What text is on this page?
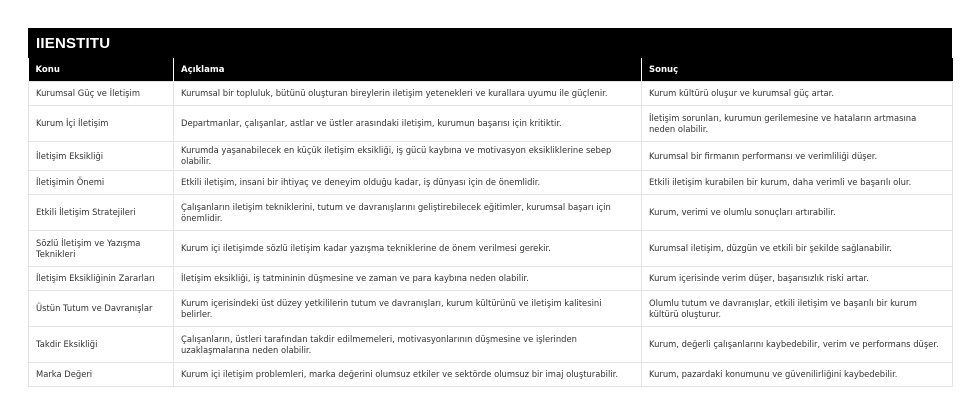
IIENSTITU
Konu	Açıklama	Sonuç
Kurumsal Güç ve İletişim	Kurumsal bir topluluk, bütünü oluşturan bireylerin iletişim yetenekleri ve kurallara uyumu ile güçlenir.	Kurum kültürü oluşur ve kurumsal güç artar.
Kurum İçi İletişim	Departmanlar, çalışanlar, astlar ve üstler arasındaki iletişim, kurumun başarısı için kritiktir.	İletişim sorunları, kurumun gerilemesine ve hataların artmasına neden olabilir.
İletişim Eksikliği	Kurumda yaşanabilecek en küçük iletişim eksikliği, iş gücü kaybına ve motivasyon eksikliklerine sebep olabilir.	Kurumsal bir firmanın performansı ve verimliliği düşer.
İletişimin Önemi	Etkili iletişim, insani bir ihtiyaç ve deneyim olduğu kadar, iş dünyası için de önemlidir.	Etkili iletişim kurabilen bir kurum, daha verimli ve başarılı olur.
Etkili İletişim Stratejileri	Çalışanların iletişim tekniklerini, tutum ve davranışlarını geliştirebilecek eğitimler, kurumsal başarı için önemlidir.	Kurum, verimi ve olumlu sonuçları artırabilir.
Sözlü İletişim ve Yazışma Teknikleri	Kurum içi iletişimde sözlü iletişim kadar yazışma tekniklerine de önem verilmesi gerekir.	Kurumsal iletişim, düzgün ve etkili bir şekilde sağlanabilir.
İletişim Eksikliğinin Zararları	İletişim eksikliği, iş tatmininin düşmesine ve zaman ve para kaybına neden olabilir.	Kurum içerisinde verim düşer, başarısızlık riski artar.
Üstün Tutum ve Davranışlar	Kurum içerisindeki üst düzey yetkililerin tutum ve davranışları, kurum kültürünü ve iletişim kalitesini belirler.	Olumlu tutum ve davranışlar, etkili iletişim ve başarılı bir kurum kültürü oluşturur.
Takdir Eksikliği	Çalışanların, üstleri tarafından takdir edilmemeleri, motivasyonlarının düşmesine ve işlerinden uzaklaşmalarına neden olabilir.	Kurum, değerli çalışanlarını kaybedebilir, verim ve performans düşer.
Marka Değeri	Kurum içi iletişim problemleri, marka değerini olumsuz etkiler ve sektörde olumsuz bir imaj oluşturabilir.	Kurum, pazardaki konumunu ve güvenilirliğini kaybedebilir.
